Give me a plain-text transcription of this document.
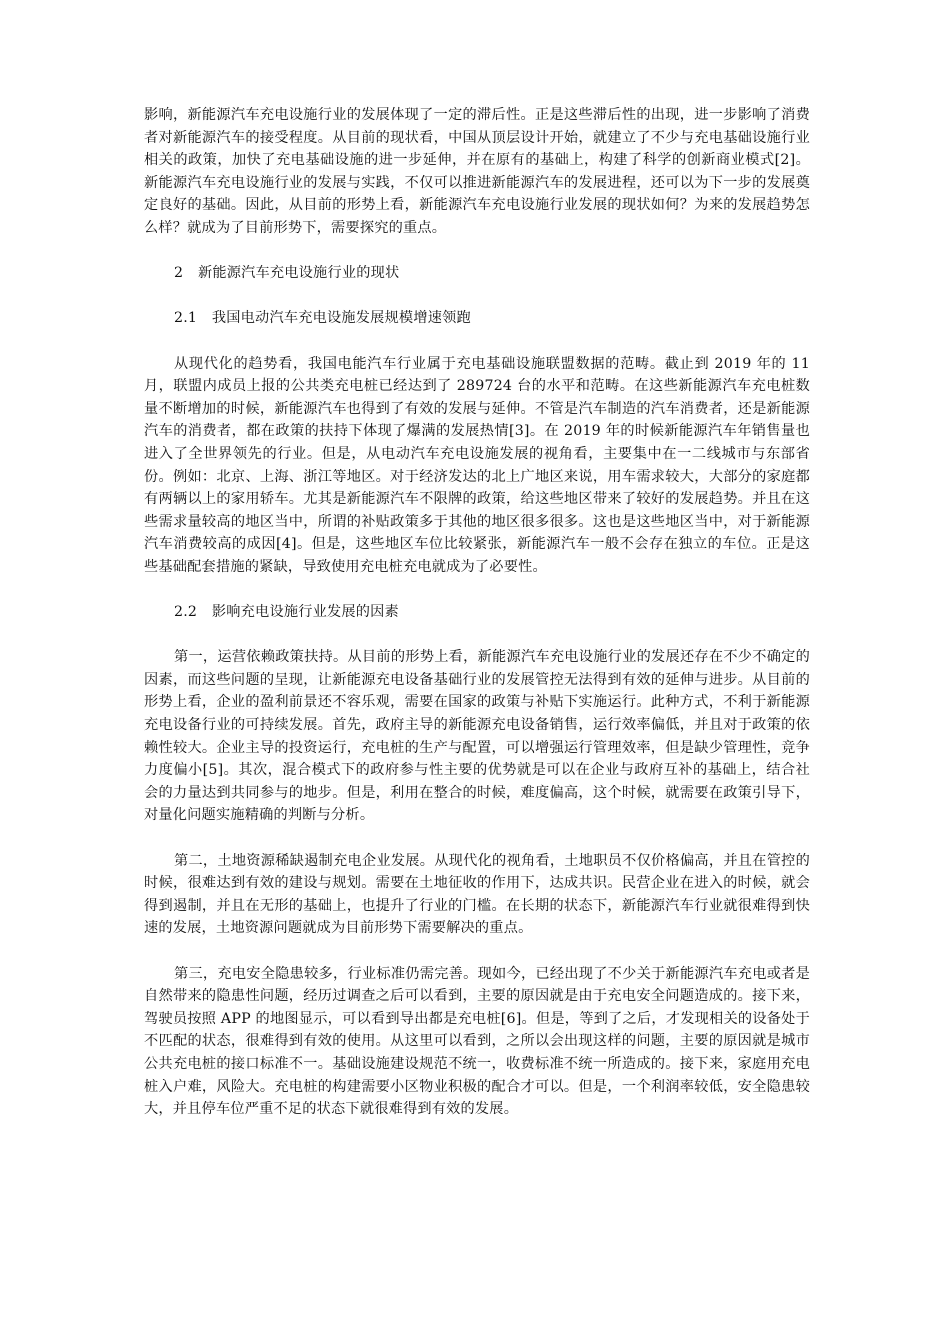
影响，新能源汽车充电设施行业的发展体现了一定的滞后性。正是这些滞后性的出现，进一步影响了消费者对新能源汽车的接受程度。从目前的现状看，中国从顶层设计开始，就建立了不少与充电基础设施行业相关的政策，加快了充电基础设施的进一步延伸，并在原有的基础上，构建了科学的创新商业模式[2]。新能源汽车充电设施行业的发展与实践，不仅可以推进新能源汽车的发展进程，还可以为下一步的发展奠定良好的基础。因此，从目前的形势上看，新能源汽车充电设施行业发展的现状如何？为来的发展趋势怎么样？就成为了目前形势下，需要探究的重点。

2 新能源汽车充电设施行业的现状

2.1 我国电动汽车充电设施发展规模增速领跑

从现代化的趋势看，我国电能汽车行业属于充电基础设施联盟数据的范畴。截止到 2019 年的 11 月，联盟内成员上报的公共类充电桩已经达到了 289724 台的水平和范畴。在这些新能源汽车充电桩数量不断增加的时候，新能源汽车也得到了有效的发展与延伸。不管是汽车制造的汽车消费者，还是新能源汽车的消费者，都在政策的扶持下体现了爆满的发展热情[3]。在 2019 年的时候新能源汽车年销售量也进入了全世界领先的行业。但是，从电动汽车充电设施发展的视角看，主要集中在一二线城市与东部省份。例如：北京、上海、浙江等地区。对于经济发达的北上广地区来说，用车需求较大，大部分的家庭都有两辆以上的家用轿车。尤其是新能源汽车不限牌的政策，给这些地区带来了较好的发展趋势。并且在这些需求量较高的地区当中，所谓的补贴政策多于其他的地区很多很多。这也是这些地区当中，对于新能源汽车消费较高的成因[4]。但是，这些地区车位比较紧张，新能源汽车一般不会存在独立的车位。正是这些基础配套措施的紧缺，导致使用充电桩充电就成为了必要性。

2.2 影响充电设施行业发展的因素

第一，运营依赖政策扶持。从目前的形势上看，新能源汽车充电设施行业的发展还存在不少不确定的因素，而这些问题的呈现，让新能源充电设备基础行业的发展管控无法得到有效的延伸与进步。从目前的形势上看，企业的盈利前景还不容乐观，需要在国家的政策与补贴下实施运行。此种方式，不利于新能源充电设备行业的可持续发展。首先，政府主导的新能源充电设备销售，运行效率偏低，并且对于政策的依赖性较大。企业主导的投资运行，充电桩的生产与配置，可以增强运行管理效率，但是缺少管理性，竞争力度偏小[5]。其次，混合模式下的政府参与性主要的优势就是可以在企业与政府互补的基础上，结合社会的力量达到共同参与的地步。但是，利用在整合的时候，难度偏高，这个时候，就需要在政策引导下，对量化问题实施精确的判断与分析。

第二，土地资源稀缺遏制充电企业发展。从现代化的视角看，土地职员不仅价格偏高，并且在管控的时候，很难达到有效的建设与规划。需要在土地征收的作用下，达成共识。民营企业在进入的时候，就会得到遏制，并且在无形的基础上，也提升了行业的门槛。在长期的状态下，新能源汽车行业就很难得到快速的发展，土地资源问题就成为目前形势下需要解决的重点。

第三，充电安全隐患较多，行业标准仍需完善。现如今，已经出现了不少关于新能源汽车充电或者是自然带来的隐患性问题，经历过调查之后可以看到，主要的原因就是由于充电安全问题造成的。接下来，驾驶员按照 APP 的地图显示，可以看到导出都是充电桩[6]。但是，等到了之后，才发现相关的设备处于不匹配的状态，很难得到有效的使用。从这里可以看到，之所以会出现这样的问题，主要的原因就是城市公共充电桩的接口标准不一。基础设施建设规范不统一，收费标准不统一所造成的。接下来，家庭用充电桩入户难，风险大。充电桩的构建需要小区物业积极的配合才可以。但是，一个利润率较低，安全隐患较大，并且停车位严重不足的状态下就很难得到有效的发展。
